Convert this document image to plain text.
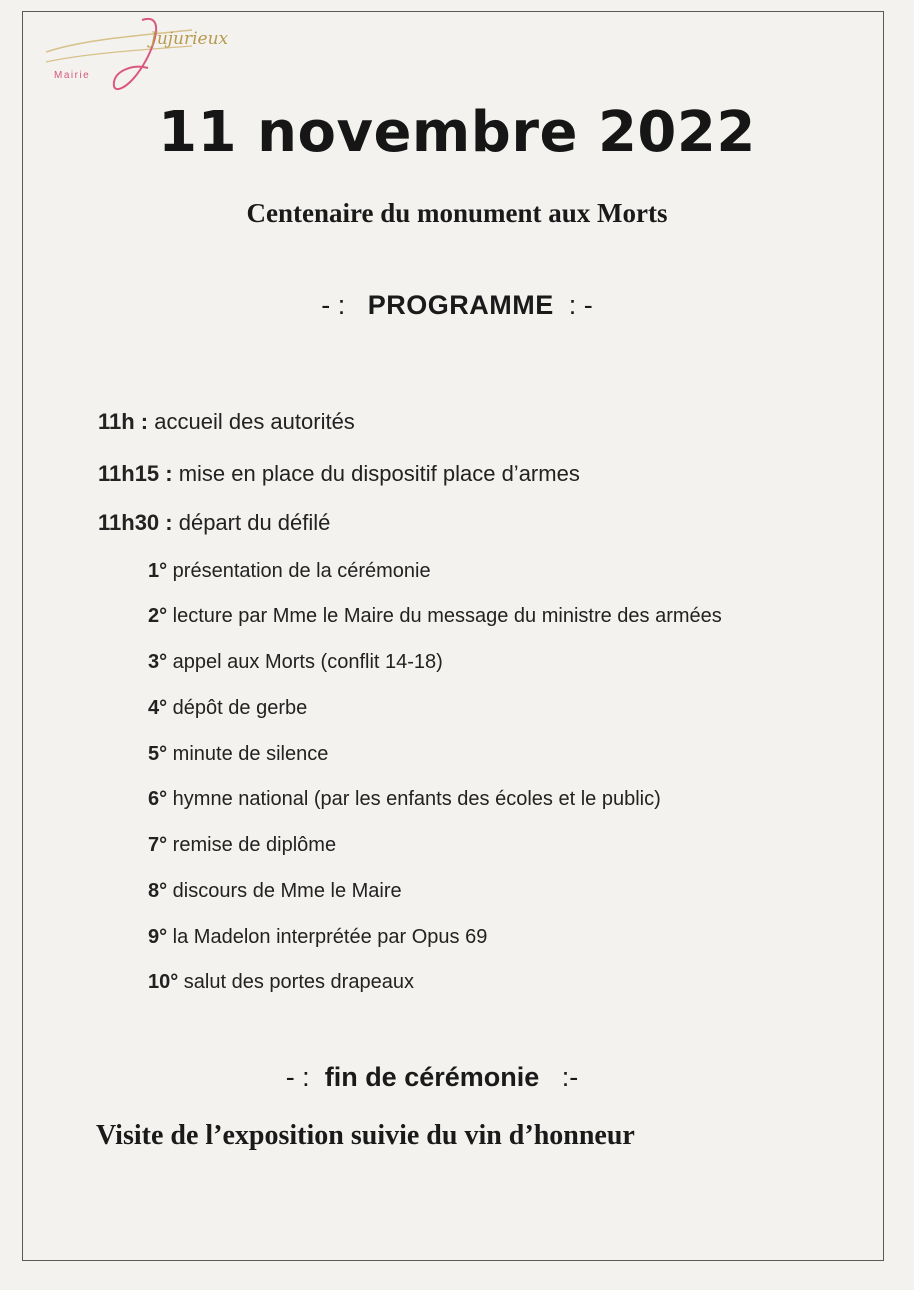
Mairie
Jujurieux
11 novembre 2022
Centenaire du monument aux Morts
- : PROGRAMME : -
11h : accueil des autorités
11h15 : mise en place du dispositif place d’armes
11h30 : départ du défilé
1° présentation de la cérémonie
2° lecture par Mme le Maire du message du ministre des armées
3° appel aux Morts (conflit 14-18)
4° dépôt de gerbe
5° minute de silence
6° hymne national (par les enfants des écoles et le public)
7° remise de diplôme
8° discours de Mme le Maire
9° la Madelon interprétée par Opus 69
10° salut des portes drapeaux
- : fin de cérémonie :-
Visite de l’exposition suivie du vin d’honneur
